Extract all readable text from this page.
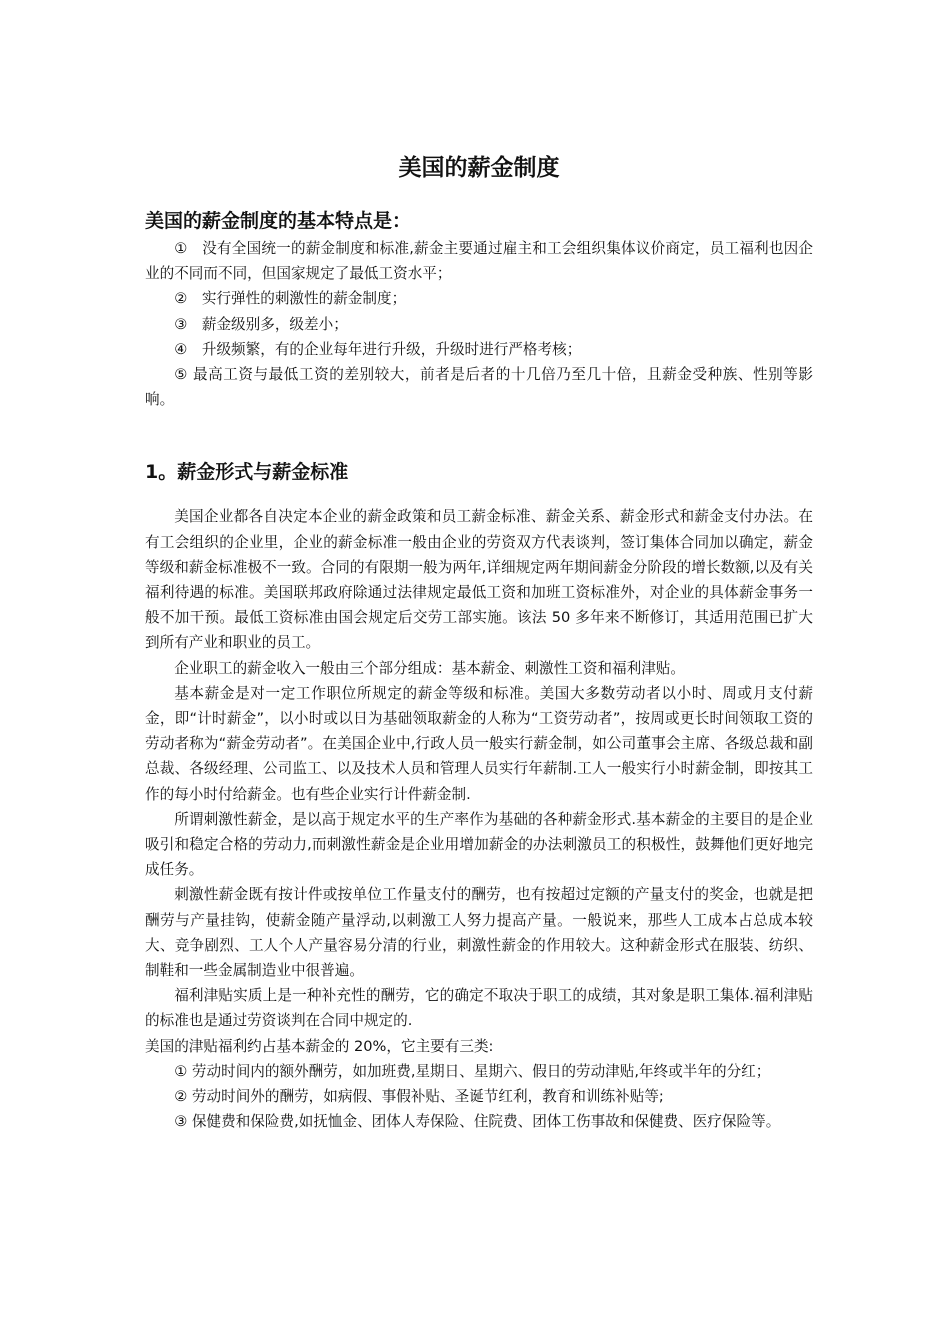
美国的薪金制度
美国的薪金制度的基本特点是：

①　没有全国统一的薪金制度和标准,薪金主要通过雇主和工会组织集体议价商定，员工福利也因企业的不同而不同，但国家规定了最低工资水平；

②　实行弹性的刺激性的薪金制度；

③　薪金级别多，级差小；

④　升级频繁，有的企业每年进行升级，升级时进行严格考核；

⑤ 最高工资与最低工资的差别较大，前者是后者的十几倍乃至几十倍，且薪金受种族、性别等影响。

1。薪金形式与薪金标准

美国企业都各自决定本企业的薪金政策和员工薪金标准、薪金关系、薪金形式和薪金支付办法。在有工会组织的企业里，企业的薪金标准一般由企业的劳资双方代表谈判，签订集体合同加以确定，薪金等级和薪金标准极不一致。合同的有限期一般为两年,详细规定两年期间薪金分阶段的增长数额,以及有关福利待遇的标准。美国联邦政府除通过法律规定最低工资和加班工资标准外，对企业的具体薪金事务一般不加干预。最低工资标准由国会规定后交劳工部实施。该法 50 多年来不断修订，其适用范围已扩大到所有产业和职业的员工。

企业职工的薪金收入一般由三个部分组成：基本薪金、刺激性工资和福利津贴。

基本薪金是对一定工作职位所规定的薪金等级和标准。美国大多数劳动者以小时、周或月支付薪金，即“计时薪金”，以小时或以日为基础领取薪金的人称为“工资劳动者”，按周或更长时间领取工资的劳动者称为“薪金劳动者”。在美国企业中,行政人员一般实行薪金制，如公司董事会主席、各级总裁和副总裁、各级经理、公司监工、以及技术人员和管理人员实行年薪制.工人一般实行小时薪金制，即按其工作的每小时付给薪金。也有些企业实行计件薪金制.

所谓刺激性薪金，是以高于规定水平的生产率作为基础的各种薪金形式.基本薪金的主要目的是企业吸引和稳定合格的劳动力,而刺激性薪金是企业用增加薪金的办法刺激员工的积极性，鼓舞他们更好地完成任务。

刺激性薪金既有按计件或按单位工作量支付的酬劳，也有按超过定额的产量支付的奖金，也就是把酬劳与产量挂钩，使薪金随产量浮动,以刺激工人努力提高产量。一般说来，那些人工成本占总成本较大、竞争剧烈、工人个人产量容易分清的行业，刺激性薪金的作用较大。这种薪金形式在服装、纺织、制鞋和一些金属制造业中很普遍。

福利津贴实质上是一种补充性的酬劳，它的确定不取决于职工的成绩，其对象是职工集体.福利津贴的标准也是通过劳资谈判在合同中规定的.

美国的津贴福利约占基本薪金的 20%，它主要有三类:

① 劳动时间内的额外酬劳，如加班费,星期日、星期六、假日的劳动津贴,年终或半年的分红；

② 劳动时间外的酬劳，如病假、事假补贴、圣诞节红利，教育和训练补贴等;

③ 保健费和保险费,如抚恤金、团体人寿保险、住院费、团体工伤事故和保健费、医疗保险等。
